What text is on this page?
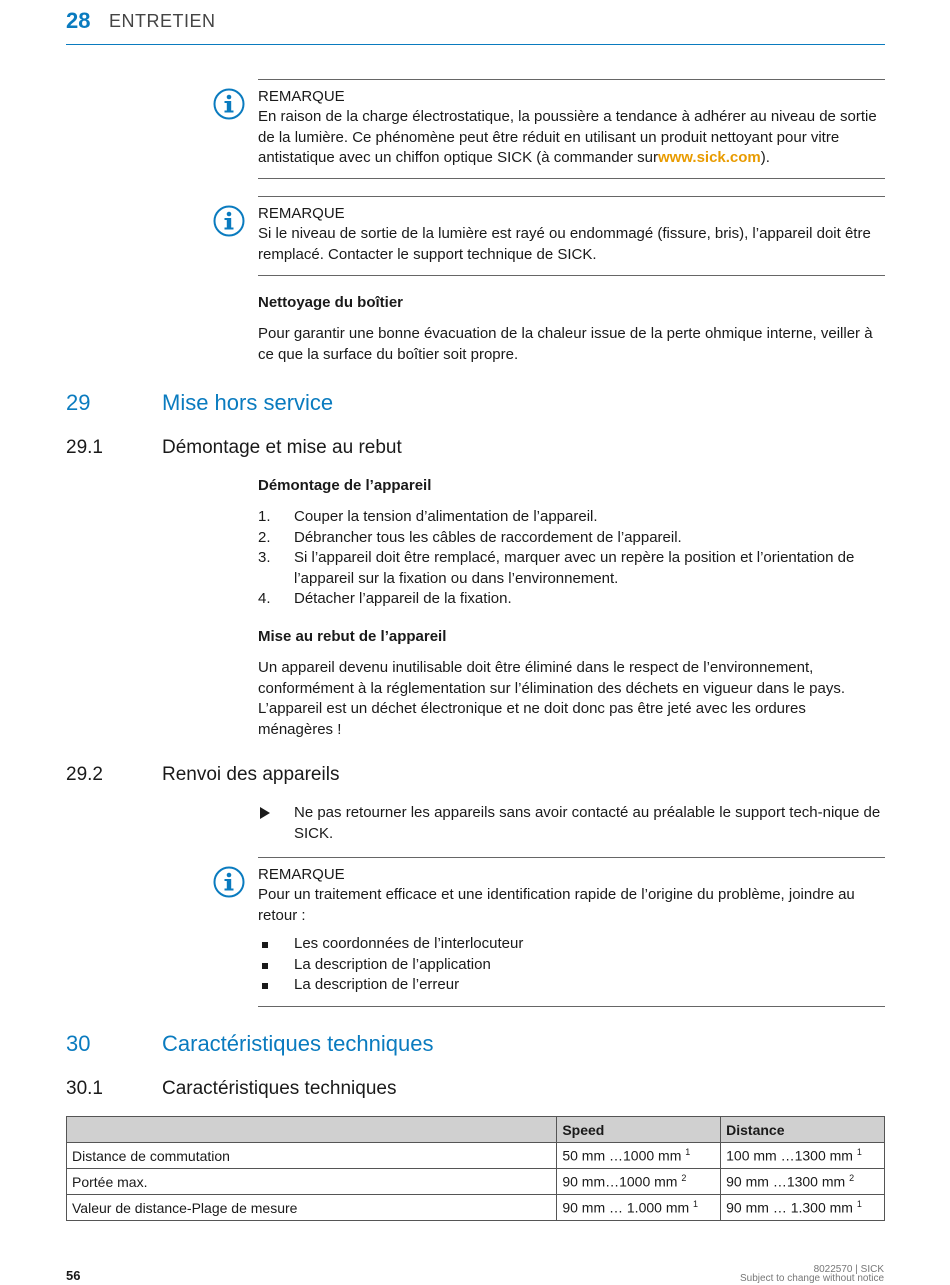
28 ENTRETIEN
REMARQUE
En raison de la charge électrostatique, la poussière a tendance à adhérer au niveau de sortie de la lumière. Ce phénomène peut être réduit en utilisant un produit nettoyant pour vitre antistatique avec un chiffon optique SICK (à commander surwww.sick.com).
REMARQUE
Si le niveau de sortie de la lumière est rayé ou endommagé (fissure, bris), l’appareil doit être remplacé. Contacter le support technique de SICK.
Nettoyage du boîtier
Pour garantir une bonne évacuation de la chaleur issue de la perte ohmique interne, veiller à ce que la surface du boîtier soit propre.
29	Mise hors service
29.1	Démontage et mise au rebut
Démontage de l’appareil
1. Couper la tension d’alimentation de l’appareil.
2. Débrancher tous les câbles de raccordement de l’appareil.
3. Si l’appareil doit être remplacé, marquer avec un repère la position et l’orientation de l’appareil sur la fixation ou dans l’environnement.
4. Détacher l’appareil de la fixation.
Mise au rebut de l’appareil
Un appareil devenu inutilisable doit être éliminé dans le respect de l’environnement, conformément à la réglementation sur l’élimination des déchets en vigueur dans le pays. L’appareil est un déchet électronique et ne doit donc pas être jeté avec les ordures ménagères !
29.2	Renvoi des appareils
Ne pas retourner les appareils sans avoir contacté au préalable le support tech-nique de SICK.
REMARQUE
Pour un traitement efficace et une identification rapide de l’origine du problème, joindre au retour :
Les coordonnées de l’interlocuteur
La description de l’application
La description de l’erreur
30	Caractéristiques techniques
30.1	Caractéristiques techniques
	Speed	Distance
Distance de commutation	50 mm …1000 mm $^1$	100 mm …1300 mm $^1$
Portée max.	90 mm…1000 mm $^2$	90 mm …1300 mm $^2$
Valeur de distance-Plage de mesure	90 mm … 1.000 mm $^1$	90 mm … 1.300 mm $^1$
56	8022570 | SICK
Subject to change without notice
